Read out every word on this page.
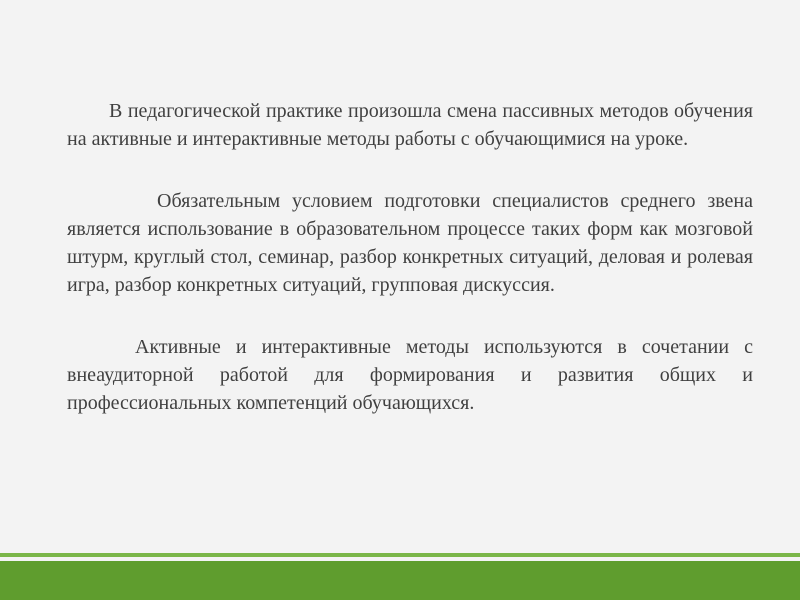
В педагогической практике произошла смена пассивных методов обучения на активные и интерактивные методы работы с обучающимися на уроке.

Обязательным условием подготовки специалистов среднего звена является использование в образовательном процессе таких форм как мозговой штурм, круглый стол, семинар, разбор конкретных ситуаций, деловая и ролевая игра, разбор конкретных ситуаций, групповая дискуссия.

Активные и интерактивные методы используются в сочетании с внеаудиторной работой для формирования и развития общих и профессиональных компетенций обучающихся.
